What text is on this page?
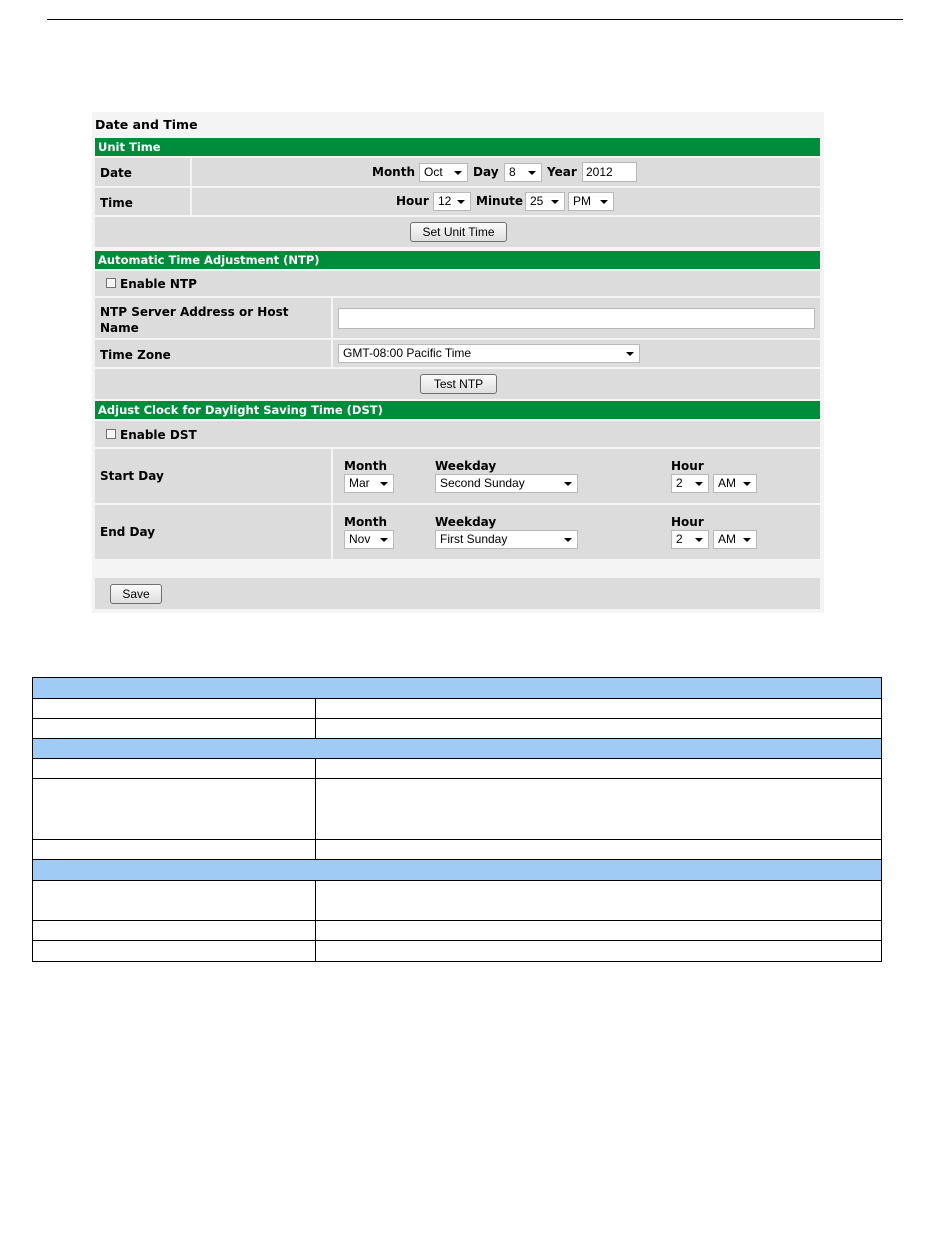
Date and Time
Unit Time
Date	Month Oct	Day 8	Year 2012
Time	Hour 12	Minute 25	PM
Set Unit Time
Automatic Time Adjustment (NTP)
Enable NTP
NTP Server Address or Host Name
Time Zone	GMT-08:00 Pacific Time
Test NTP
Adjust Clock for Daylight Saving Time (DST)
Enable DST
Start Day
Month	Weekday	Hour
Mar	Second Sunday	2	AM
End Day
Month	Weekday	Hour
Nov	First Sunday	2	AM
Save
